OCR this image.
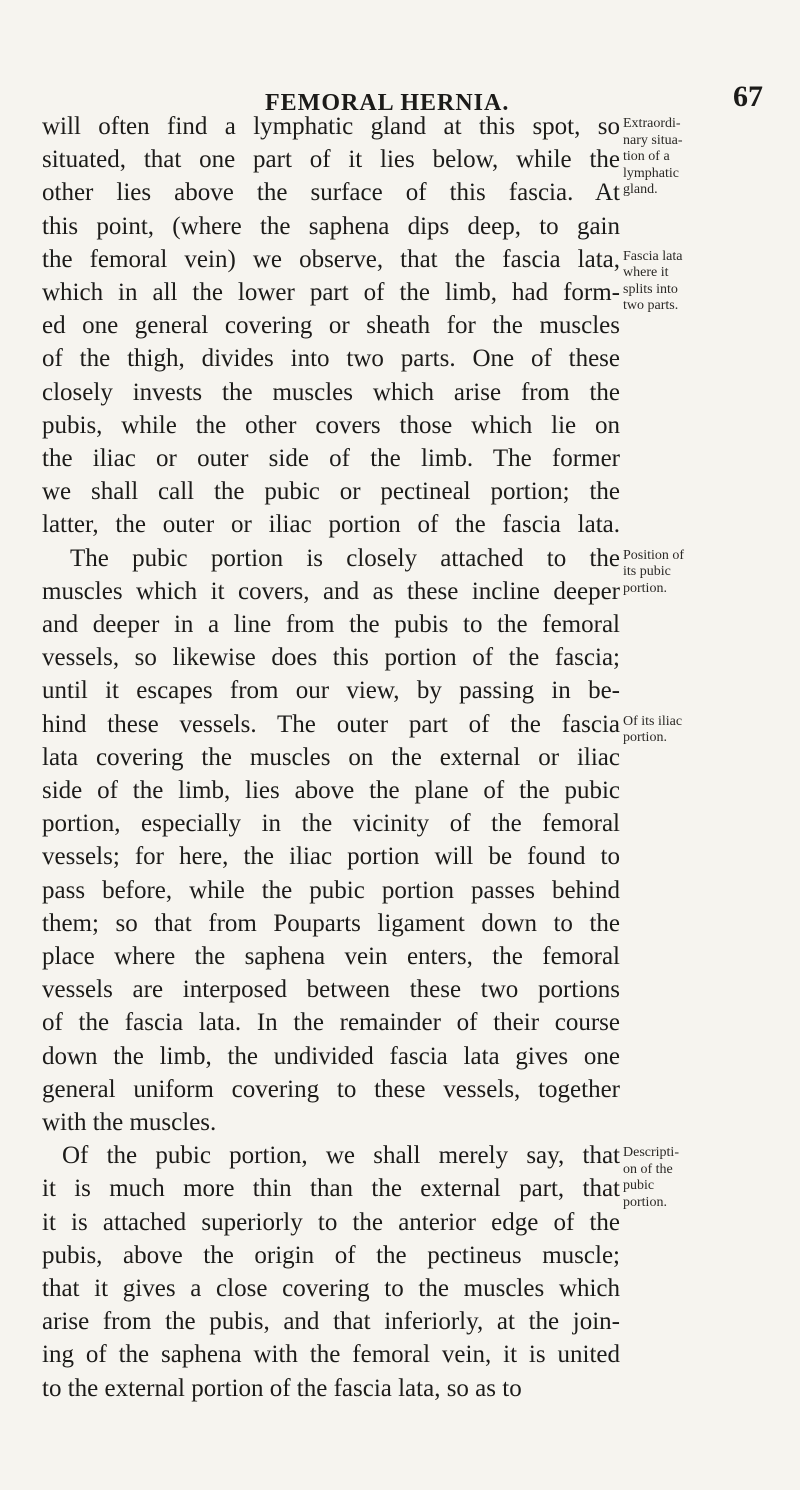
FEMORAL HERNIA.	67
will often find a lymphatic gland at this spot, so
situated, that one part of it lies below, while the
other lies above the surface of this fascia. At
this point, (where the saphena dips deep, to gain
the femoral vein) we observe, that the fascia lata,
which in all the lower part of the limb, had form-
ed one general covering or sheath for the muscles
of the thigh, divides into two parts. One of these
closely invests the muscles which arise from the
pubis, while the other covers those which lie on
the iliac or outer side of the limb. The former
we shall call the pubic or pectineal portion; the
latter, the outer or iliac portion of the fascia lata.
The pubic portion is closely attached to the
muscles which it covers, and as these incline deeper
and deeper in a line from the pubis to the femoral
vessels, so likewise does this portion of the fascia;
until it escapes from our view, by passing in be-
hind these vessels. The outer part of the fascia
lata covering the muscles on the external or iliac
side of the limb, lies above the plane of the pubic
portion, especially in the vicinity of the femoral
vessels; for here, the iliac portion will be found to
pass before, while the pubic portion passes behind
them; so that from Pouparts ligament down to the
place where the saphena vein enters, the femoral
vessels are interposed between these two portions
of the fascia lata. In the remainder of their course
down the limb, the undivided fascia lata gives one
general uniform covering to these vessels, together
with the muscles.
Of the pubic portion, we shall merely say, that
it is much more thin than the external part, that
it is attached superiorly to the anterior edge of the
pubis, above the origin of the pectineus muscle;
that it gives a close covering to the muscles which
arise from the pubis, and that inferiorly, at the join-
ing of the saphena with the femoral vein, it is united
to the external portion of the fascia lata, so as to
Extraordi-
nary situa-
tion of a
lymphatic
gland.
Fascia lata
where it
splits into
two parts.
Position of
its pubic
portion.
Of its iliac
portion.
Descripti-
on of the
pubic
portion.
